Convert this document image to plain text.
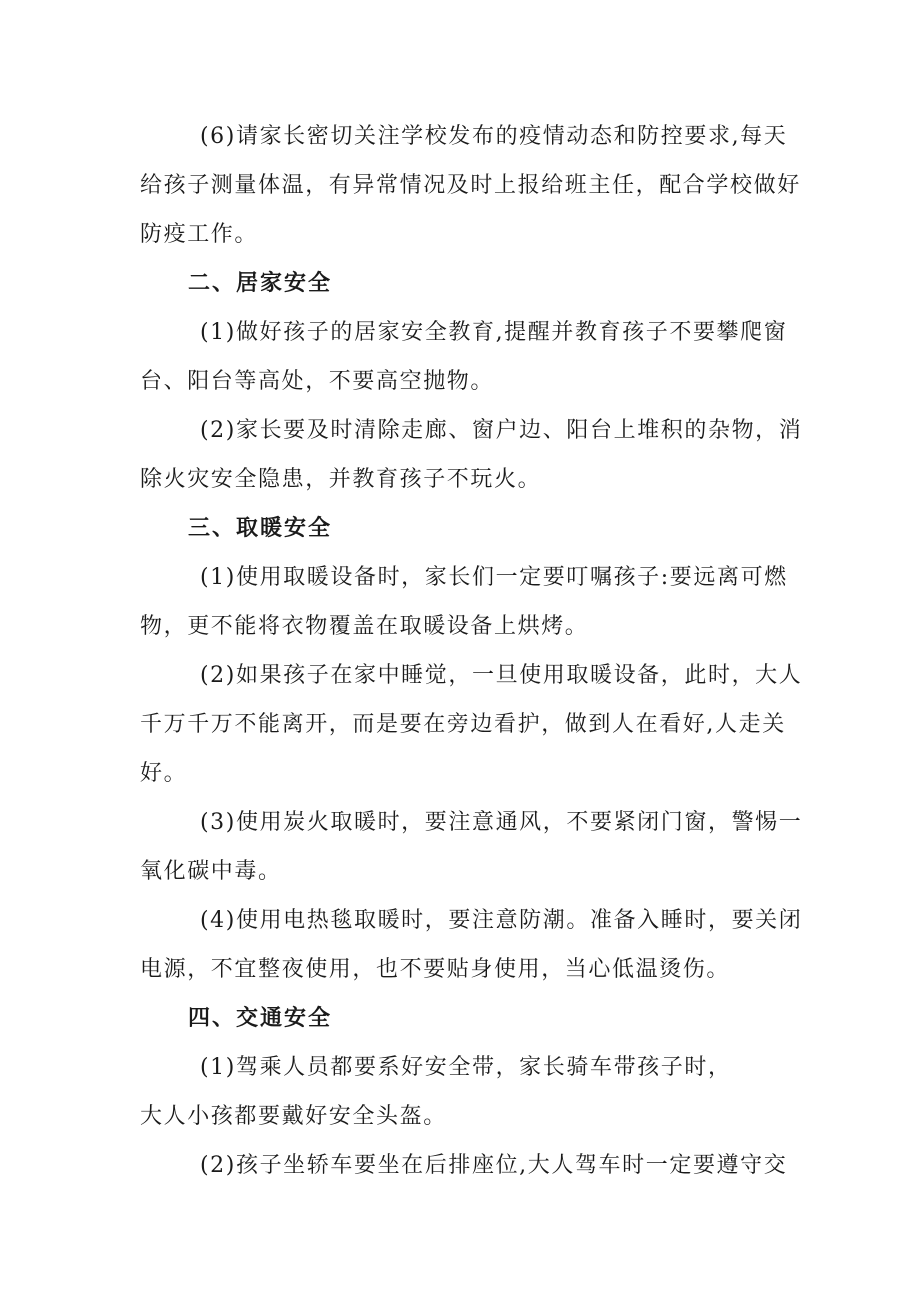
(6)请家长密切关注学校发布的疫情动态和防控要求,每天
给孩子测量体温，有异常情况及时上报给班主任，配合学校做好
防疫工作。
二、居家安全
(1)做好孩子的居家安全教育,提醒并教育孩子不要攀爬窗
台、阳台等高处，不要高空抛物。
(2)家长要及时清除走廊、窗户边、阳台上堆积的杂物，消
除火灾安全隐患，并教育孩子不玩火。
三、取暖安全
(1)使用取暖设备时，家长们一定要叮嘱孩子:要远离可燃
物，更不能将衣物覆盖在取暖设备上烘烤。
(2)如果孩子在家中睡觉，一旦使用取暖设备，此时，大人
千万千万不能离开，而是要在旁边看护，做到人在看好,人走关
好。
(3)使用炭火取暖时，要注意通风，不要紧闭门窗，警惕一
氧化碳中毒。
(4)使用电热毯取暖时，要注意防潮。准备入睡时，要关闭
电源，不宜整夜使用，也不要贴身使用，当心低温烫伤。
四、交通安全
(1)驾乘人员都要系好安全带，家长骑车带孩子时，
大人小孩都要戴好安全头盔。
(2)孩子坐轿车要坐在后排座位,大人驾车时一定要遵守交
